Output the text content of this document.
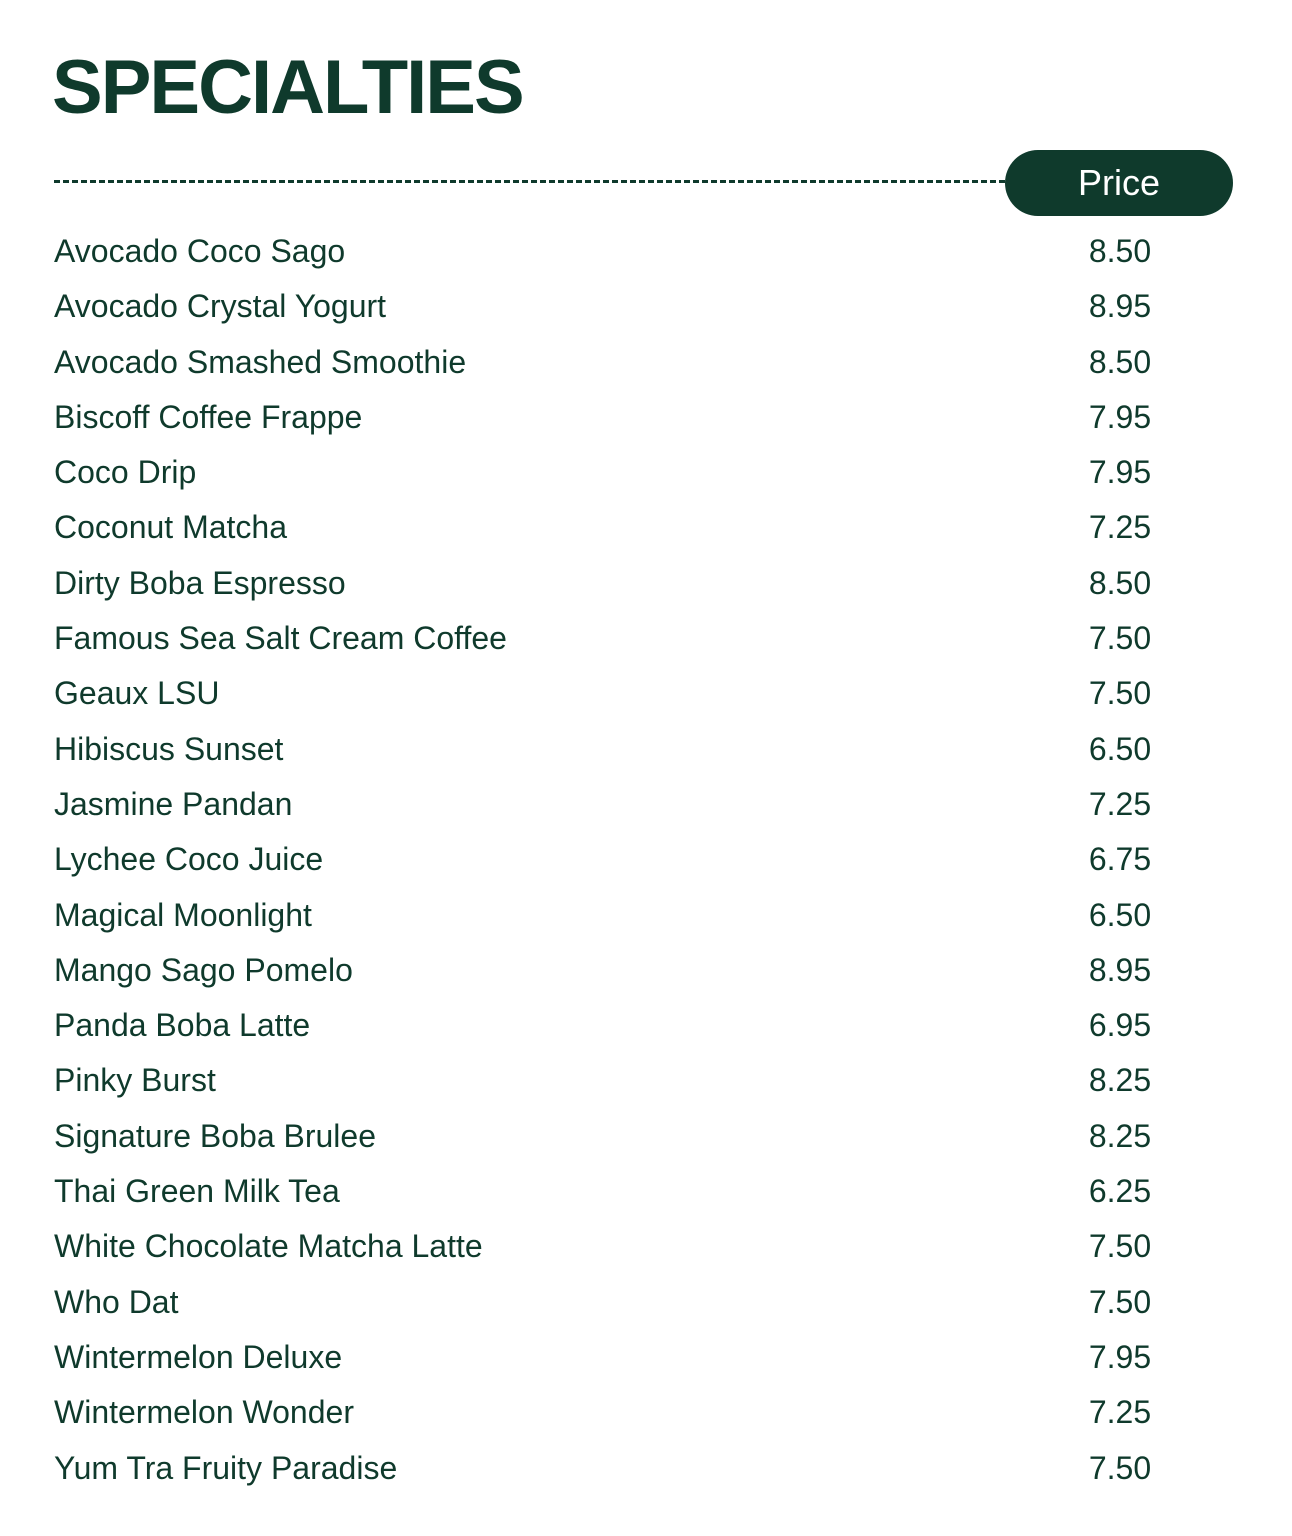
SPECIALTIES
Price
Avocado Coco Sago	8.50
Avocado Crystal Yogurt	8.95
Avocado Smashed Smoothie	8.50
Biscoff Coffee Frappe	7.95
Coco Drip	7.95
Coconut Matcha	7.25
Dirty Boba Espresso	8.50
Famous Sea Salt Cream Coffee	7.50
Geaux LSU	7.50
Hibiscus Sunset	6.50
Jasmine Pandan	7.25
Lychee Coco Juice	6.75
Magical Moonlight	6.50
Mango Sago Pomelo	8.95
Panda Boba Latte	6.95
Pinky Burst	8.25
Signature Boba Brulee	8.25
Thai Green Milk Tea	6.25
White Chocolate Matcha Latte	7.50
Who Dat	7.50
Wintermelon Deluxe	7.95
Wintermelon Wonder	7.25
Yum Tra Fruity Paradise	7.50
